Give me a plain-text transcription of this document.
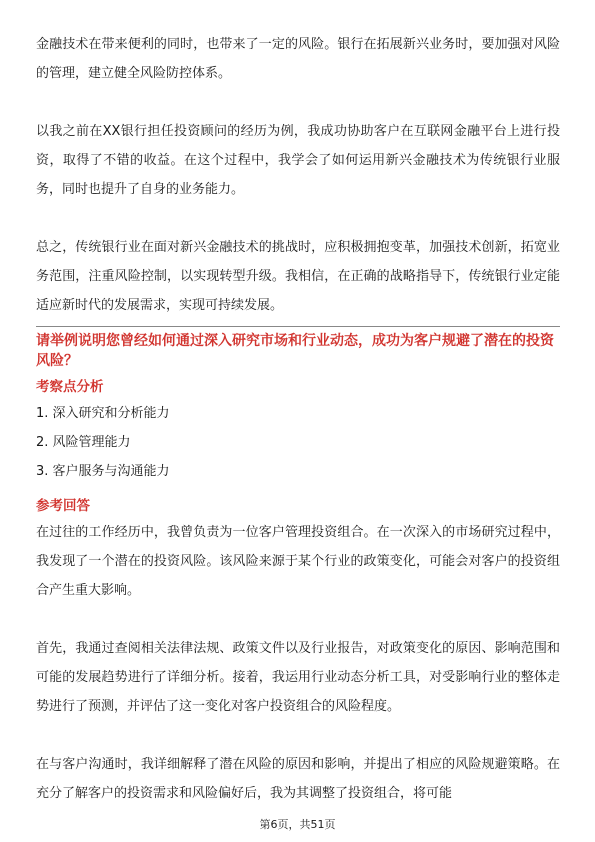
金融技术在带来便利的同时，也带来了一定的风险。银行在拓展新兴业务时，要加强对风险的管理，建立健全风险防控体系。

以我之前在XX银行担任投资顾问的经历为例，我成功协助客户在互联网金融平台上进行投资，取得了不错的收益。在这个过程中，我学会了如何运用新兴金融技术为传统银行业服务，同时也提升了自身的业务能力。

总之，传统银行业在面对新兴金融技术的挑战时，应积极拥抱变革，加强技术创新，拓宽业务范围，注重风险控制，以实现转型升级。我相信，在正确的战略指导下，传统银行业定能适应新时代的发展需求，实现可持续发展。

请举例说明您曾经如何通过深入研究市场和行业动态，成功为客户规避了潜在的投资风险？

考察点分析

1. 深入研究和分析能力

2. 风险管理能力

3. 客户服务与沟通能力

参考回答

在过往的工作经历中，我曾负责为一位客户管理投资组合。在一次深入的市场研究过程中，我发现了一个潜在的投资风险。该风险来源于某个行业的政策变化，可能会对客户的投资组合产生重大影响。

首先，我通过查阅相关法律法规、政策文件以及行业报告，对政策变化的原因、影响范围和可能的发展趋势进行了详细分析。接着，我运用行业动态分析工具，对受影响行业的整体走势进行了预测，并评估了这一变化对客户投资组合的风险程度。

在与客户沟通时，我详细解释了潜在风险的原因和影响，并提出了相应的风险规避策略。在充分了解客户的投资需求和风险偏好后，我为其调整了投资组合，将可能

第6页，共51页
